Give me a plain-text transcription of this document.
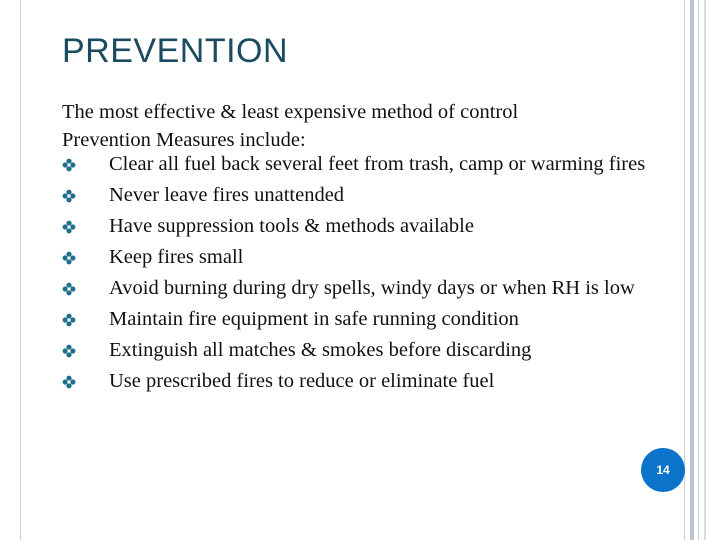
PREVENTION

The most effective & least expensive method of control

Prevention Measures include:

Clear all fuel back several feet from trash, camp or warming fires
Never leave fires unattended
Have suppression tools & methods available
Keep fires small
Avoid burning during dry spells, windy days or when RH is low
Maintain fire equipment in safe running condition
Extinguish all matches & smokes before discarding
Use prescribed fires to reduce or eliminate fuel
14
